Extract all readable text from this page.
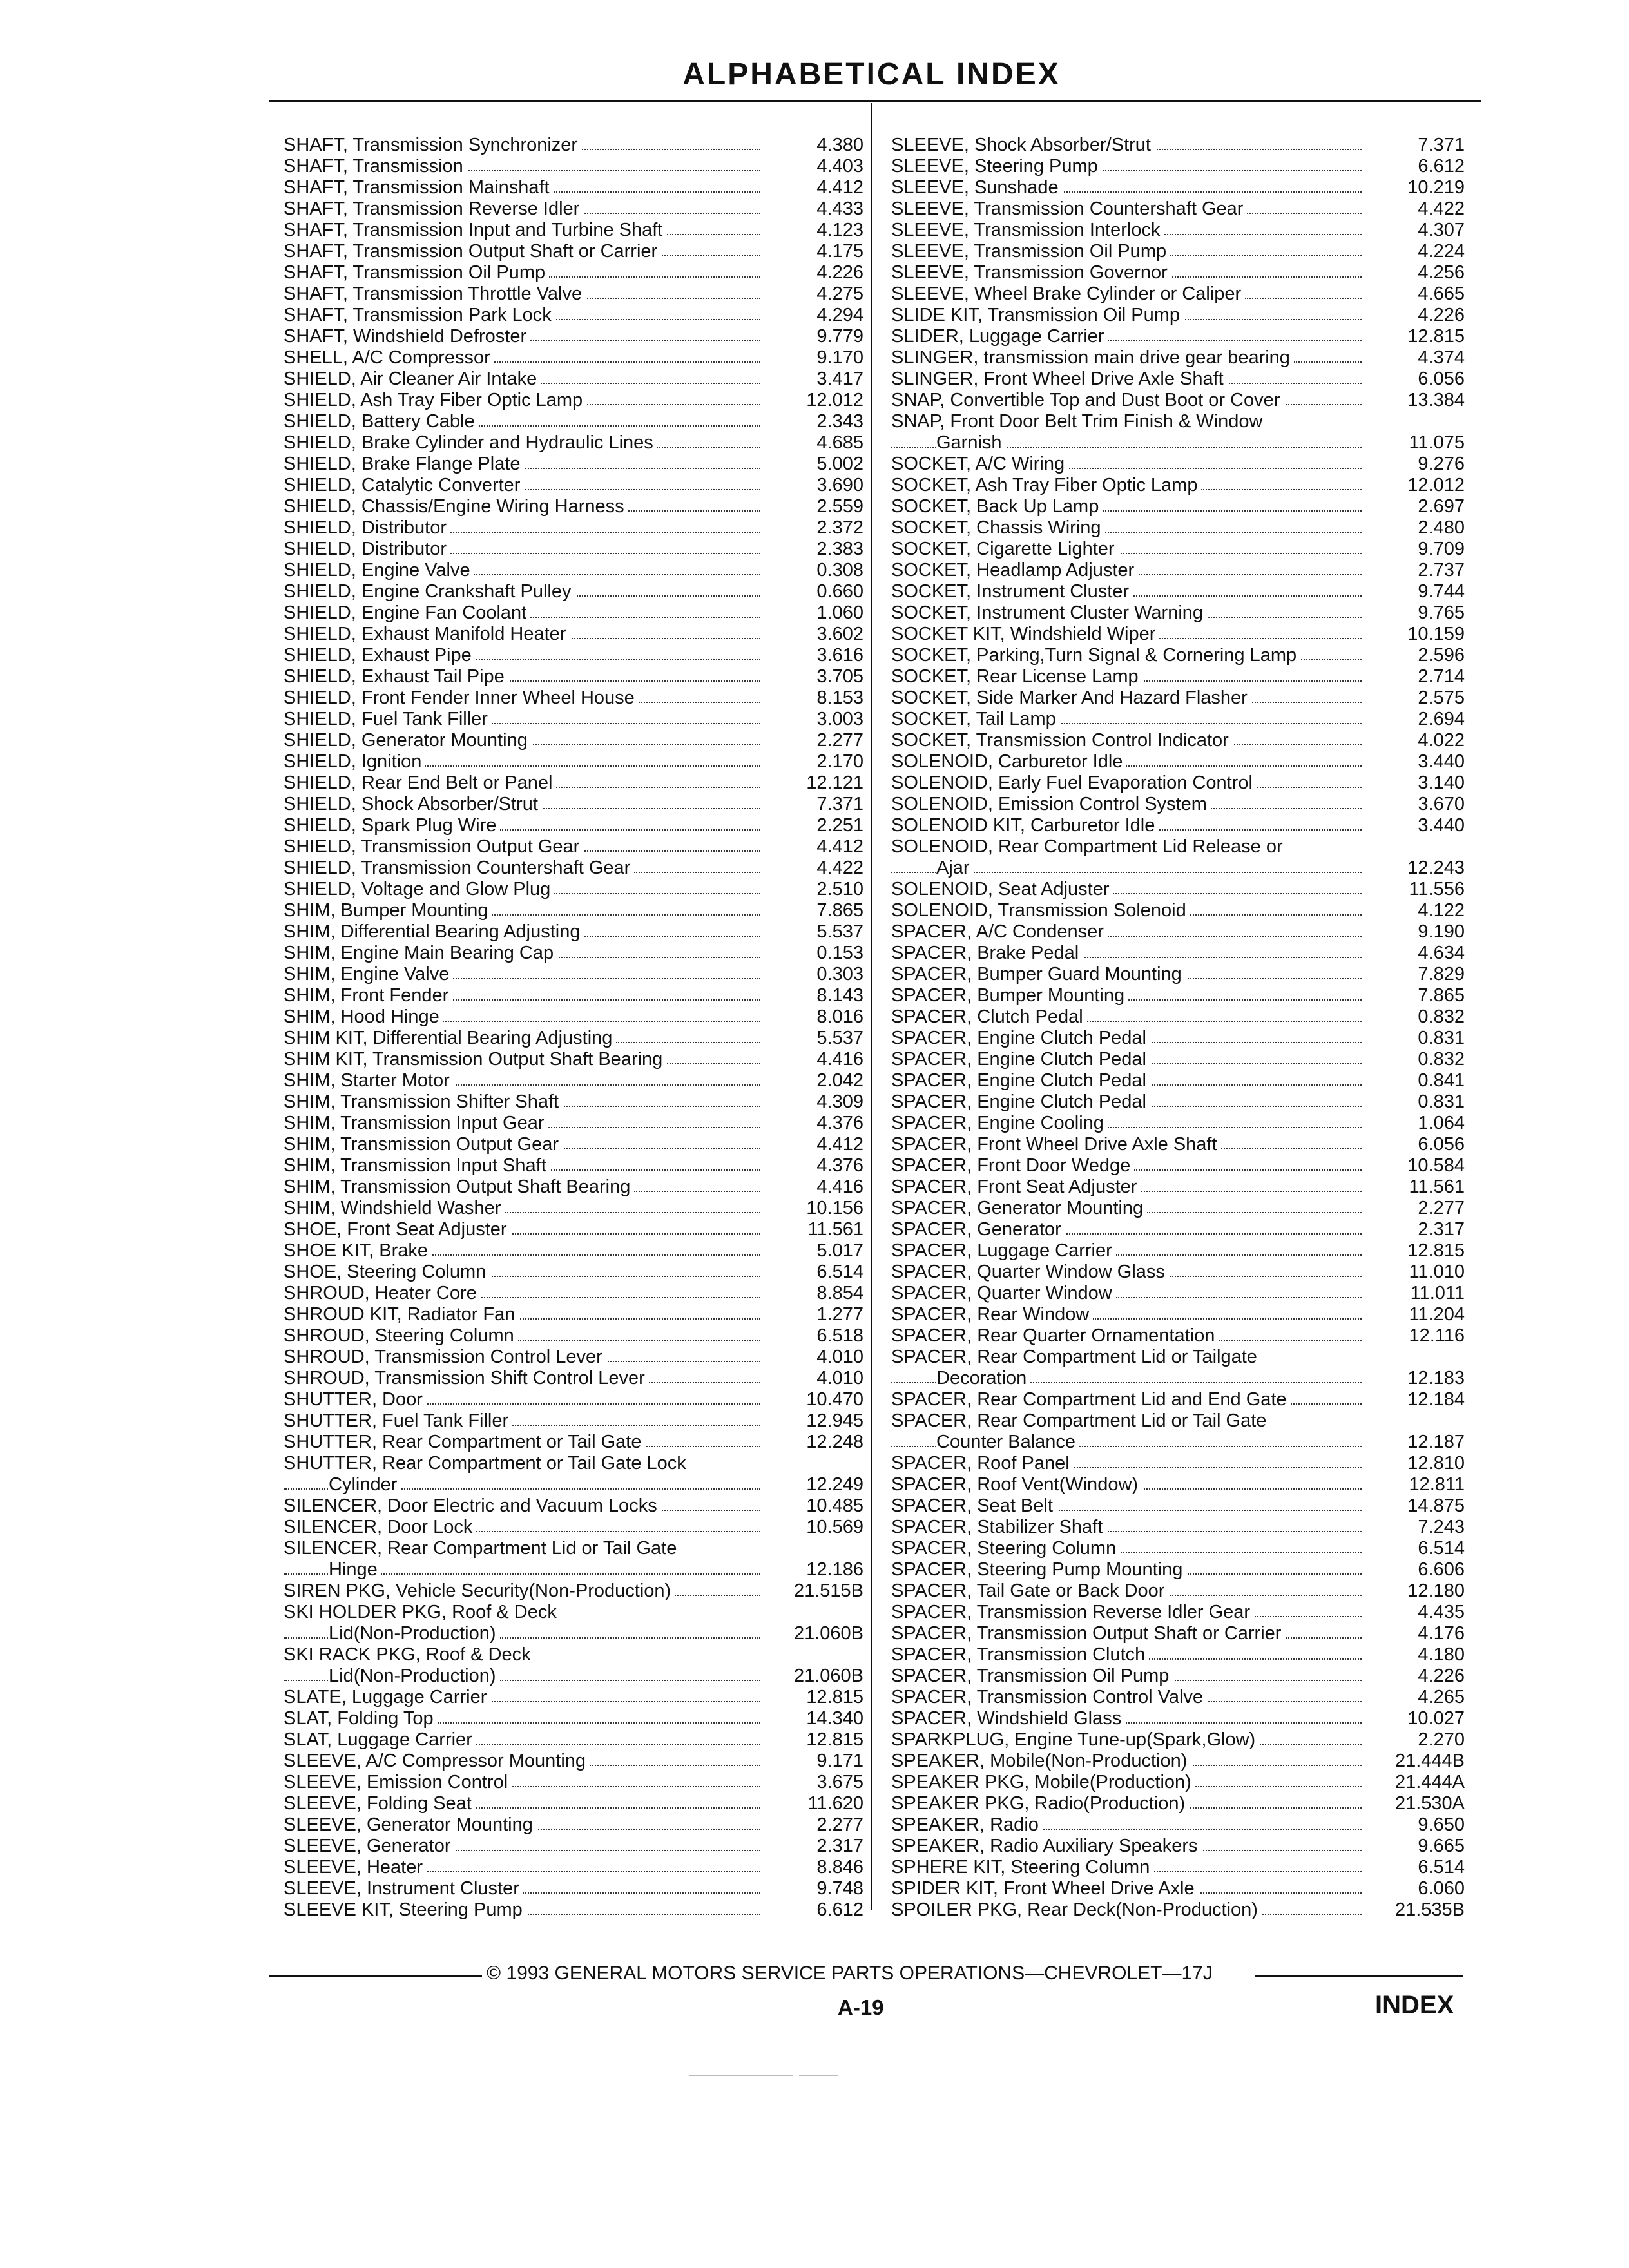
ALPHABETICAL INDEX
SHAFT, Transmission Synchronizer	4.380
SHAFT, Transmission	4.403
SHAFT, Transmission Mainshaft	4.412
SHAFT, Transmission Reverse Idler	4.433
SHAFT, Transmission Input and Turbine Shaft	4.123
SHAFT, Transmission Output Shaft or Carrier	4.175
SHAFT, Transmission Oil Pump	4.226
SHAFT, Transmission Throttle Valve	4.275
SHAFT, Transmission Park Lock	4.294
SHAFT, Windshield Defroster	9.779
SHELL, A/C Compressor	9.170
SHIELD, Air Cleaner Air Intake	3.417
SHIELD, Ash Tray Fiber Optic Lamp	12.012
SHIELD, Battery Cable	2.343
SHIELD, Brake Cylinder and Hydraulic Lines	4.685
SHIELD, Brake Flange Plate	5.002
SHIELD, Catalytic Converter	3.690
SHIELD, Chassis/Engine Wiring Harness	2.559
SHIELD, Distributor	2.372
SHIELD, Distributor	2.383
SHIELD, Engine Valve	0.308
SHIELD, Engine Crankshaft Pulley	0.660
SHIELD, Engine Fan Coolant	1.060
SHIELD, Exhaust Manifold Heater	3.602
SHIELD, Exhaust Pipe	3.616
SHIELD, Exhaust Tail Pipe	3.705
SHIELD, Front Fender Inner Wheel House	8.153
SHIELD, Fuel Tank Filler	3.003
SHIELD, Generator Mounting	2.277
SHIELD, Ignition	2.170
SHIELD, Rear End Belt or Panel	12.121
SHIELD, Shock Absorber/Strut	7.371
SHIELD, Spark Plug Wire	2.251
SHIELD, Transmission Output Gear	4.412
SHIELD, Transmission Countershaft Gear	4.422
SHIELD, Voltage and Glow Plug	2.510
SHIM, Bumper Mounting	7.865
SHIM, Differential Bearing Adjusting	5.537
SHIM, Engine Main Bearing Cap	0.153
SHIM, Engine Valve	0.303
SHIM, Front Fender	8.143
SHIM, Hood Hinge	8.016
SHIM KIT, Differential Bearing Adjusting	5.537
SHIM KIT, Transmission Output Shaft Bearing	4.416
SHIM, Starter Motor	2.042
SHIM, Transmission Shifter Shaft	4.309
SHIM, Transmission Input Gear	4.376
SHIM, Transmission Output Gear	4.412
SHIM, Transmission Input Shaft	4.376
SHIM, Transmission Output Shaft Bearing	4.416
SHIM, Windshield Washer	10.156
SHOE, Front Seat Adjuster	11.561
SHOE KIT, Brake	5.017
SHOE, Steering Column	6.514
SHROUD, Heater Core	8.854
SHROUD KIT, Radiator Fan	1.277
SHROUD, Steering Column	6.518
SHROUD, Transmission Control Lever	4.010
SHROUD, Transmission Shift Control Lever	4.010
SHUTTER, Door	10.470
SHUTTER, Fuel Tank Filler	12.945
SHUTTER, Rear Compartment or Tail Gate	12.248
SHUTTER, Rear Compartment or Tail Gate Lock
Cylinder	12.249
SILENCER, Door Electric and Vacuum Locks	10.485
SILENCER, Door Lock	10.569
SILENCER, Rear Compartment Lid or Tail Gate
Hinge	12.186
SIREN PKG, Vehicle Security(Non-Production)	21.515B
SKI HOLDER PKG, Roof & Deck
Lid(Non-Production)	21.060B
SKI RACK PKG, Roof & Deck
Lid(Non-Production)	21.060B
SLATE, Luggage Carrier	12.815
SLAT, Folding Top	14.340
SLAT, Luggage Carrier	12.815
SLEEVE, A/C Compressor Mounting	9.171
SLEEVE, Emission Control	3.675
SLEEVE, Folding Seat	11.620
SLEEVE, Generator Mounting	2.277
SLEEVE, Generator	2.317
SLEEVE, Heater	8.846
SLEEVE, Instrument Cluster	9.748
SLEEVE KIT, Steering Pump	6.612
SLEEVE, Shock Absorber/Strut	7.371
SLEEVE, Steering Pump	6.612
SLEEVE, Sunshade	10.219
SLEEVE, Transmission Countershaft Gear	4.422
SLEEVE, Transmission Interlock	4.307
SLEEVE, Transmission Oil Pump	4.224
SLEEVE, Transmission Governor	4.256
SLEEVE, Wheel Brake Cylinder or Caliper	4.665
SLIDE KIT, Transmission Oil Pump	4.226
SLIDER, Luggage Carrier	12.815
SLINGER, transmission main drive gear bearing	4.374
SLINGER, Front Wheel Drive Axle Shaft	6.056
SNAP, Convertible Top and Dust Boot or Cover	13.384
SNAP, Front Door Belt Trim Finish & Window
Garnish	11.075
SOCKET, A/C Wiring	9.276
SOCKET, Ash Tray Fiber Optic Lamp	12.012
SOCKET, Back Up Lamp	2.697
SOCKET, Chassis Wiring	2.480
SOCKET, Cigarette Lighter	9.709
SOCKET, Headlamp Adjuster	2.737
SOCKET, Instrument Cluster	9.744
SOCKET, Instrument Cluster Warning	9.765
SOCKET KIT, Windshield Wiper	10.159
SOCKET, Parking,Turn Signal & Cornering Lamp	2.596
SOCKET, Rear License Lamp	2.714
SOCKET, Side Marker And Hazard Flasher	2.575
SOCKET, Tail Lamp	2.694
SOCKET, Transmission Control Indicator	4.022
SOLENOID, Carburetor Idle	3.440
SOLENOID, Early Fuel Evaporation Control	3.140
SOLENOID, Emission Control System	3.670
SOLENOID KIT, Carburetor Idle	3.440
SOLENOID, Rear Compartment Lid Release or
Ajar	12.243
SOLENOID, Seat Adjuster	11.556
SOLENOID, Transmission Solenoid	4.122
SPACER, A/C Condenser	9.190
SPACER, Brake Pedal	4.634
SPACER, Bumper Guard Mounting	7.829
SPACER, Bumper Mounting	7.865
SPACER, Clutch Pedal	0.832
SPACER, Engine Clutch Pedal	0.831
SPACER, Engine Clutch Pedal	0.832
SPACER, Engine Clutch Pedal	0.841
SPACER, Engine Clutch Pedal	0.831
SPACER, Engine Cooling	1.064
SPACER, Front Wheel Drive Axle Shaft	6.056
SPACER, Front Door Wedge	10.584
SPACER, Front Seat Adjuster	11.561
SPACER, Generator Mounting	2.277
SPACER, Generator	2.317
SPACER, Luggage Carrier	12.815
SPACER, Quarter Window Glass	11.010
SPACER, Quarter Window	11.011
SPACER, Rear Window	11.204
SPACER, Rear Quarter Ornamentation	12.116
SPACER, Rear Compartment Lid or Tailgate
Decoration	12.183
SPACER, Rear Compartment Lid and End Gate	12.184
SPACER, Rear Compartment Lid or Tail Gate
Counter Balance	12.187
SPACER, Roof Panel	12.810
SPACER, Roof Vent(Window)	12.811
SPACER, Seat Belt	14.875
SPACER, Stabilizer Shaft	7.243
SPACER, Steering Column	6.514
SPACER, Steering Pump Mounting	6.606
SPACER, Tail Gate or Back Door	12.180
SPACER, Transmission Reverse Idler Gear	4.435
SPACER, Transmission Output Shaft or Carrier	4.176
SPACER, Transmission Clutch	4.180
SPACER, Transmission Oil Pump	4.226
SPACER, Transmission Control Valve	4.265
SPACER, Windshield Glass	10.027
SPARKPLUG, Engine Tune-up(Spark,Glow)	2.270
SPEAKER, Mobile(Non-Production)	21.444B
SPEAKER PKG, Mobile(Production)	21.444A
SPEAKER PKG, Radio(Production)	21.530A
SPEAKER, Radio	9.650
SPEAKER, Radio Auxiliary Speakers	9.665
SPHERE KIT, Steering Column	6.514
SPIDER KIT, Front Wheel Drive Axle	6.060
SPOILER PKG, Rear Deck(Non-Production)	21.535B
© 1993 GENERAL MOTORS SERVICE PARTS OPERATIONS—CHEVROLET—17J
A-19	INDEX
